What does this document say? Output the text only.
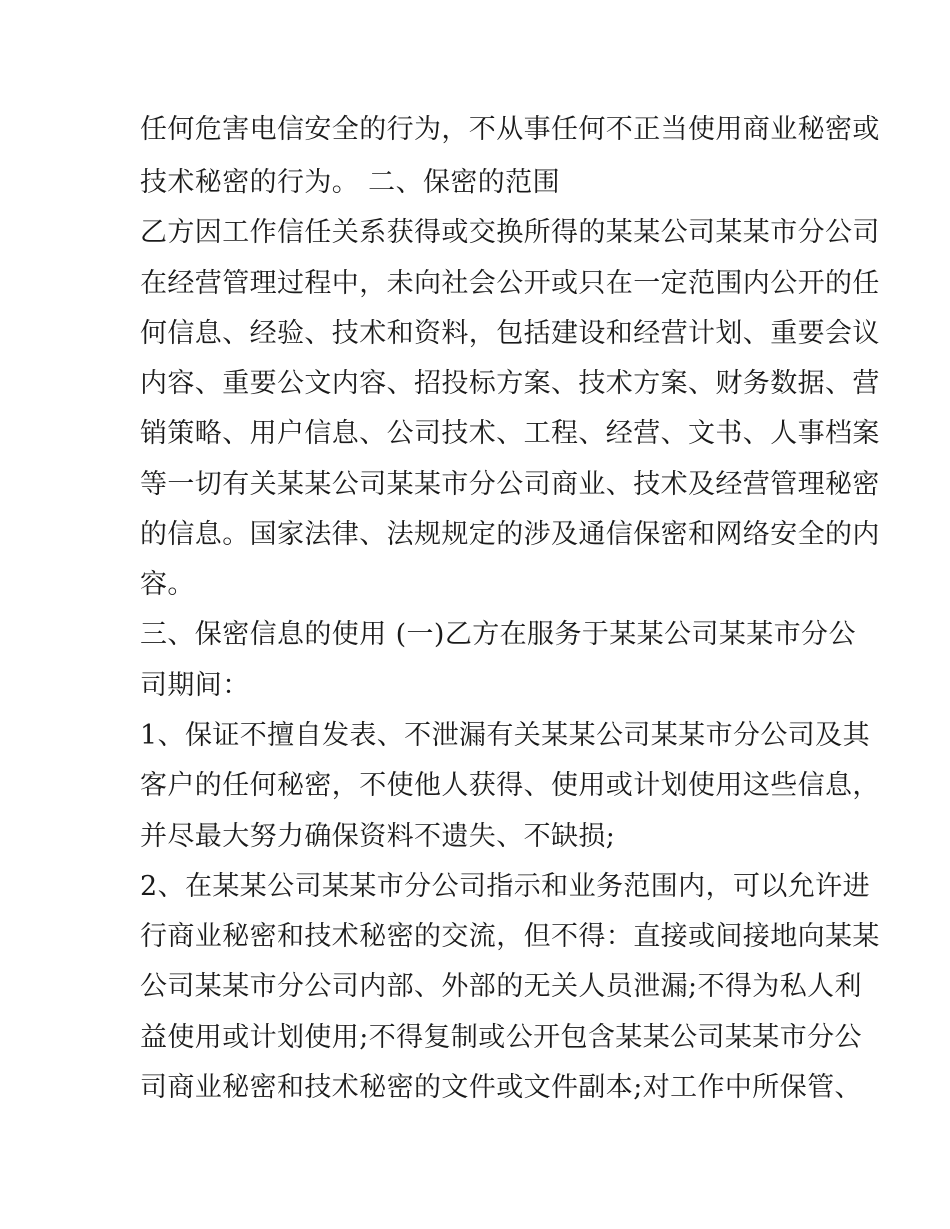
任何危害电信安全的行为，不从事任何不正当使用商业秘密或
技术秘密的行为。 二、保密的范围
乙方因工作信任关系获得或交换所得的某某公司某某市分公司
在经营管理过程中，未向社会公开或只在一定范围内公开的任
何信息、经验、技术和资料，包括建设和经营计划、重要会议
内容、重要公文内容、招投标方案、技术方案、财务数据、营
销策略、用户信息、公司技术、工程、经营、文书、人事档案
等一切有关某某公司某某市分公司商业、技术及经营管理秘密
的信息。国家法律、法规规定的涉及通信保密和网络安全的内
容。
三、保密信息的使用 (一)乙方在服务于某某公司某某市分公
司期间：
1、保证不擅自发表、不泄漏有关某某公司某某市分公司及其
客户的任何秘密，不使他人获得、使用或计划使用这些信息，
并尽最大努力确保资料不遗失、不缺损;
2、在某某公司某某市分公司指示和业务范围内，可以允许进
行商业秘密和技术秘密的交流，但不得：直接或间接地向某某
公司某某市分公司内部、外部的无关人员泄漏;不得为私人利
益使用或计划使用;不得复制或公开包含某某公司某某市分公
司商业秘密和技术秘密的文件或文件副本;对工作中所保管、
